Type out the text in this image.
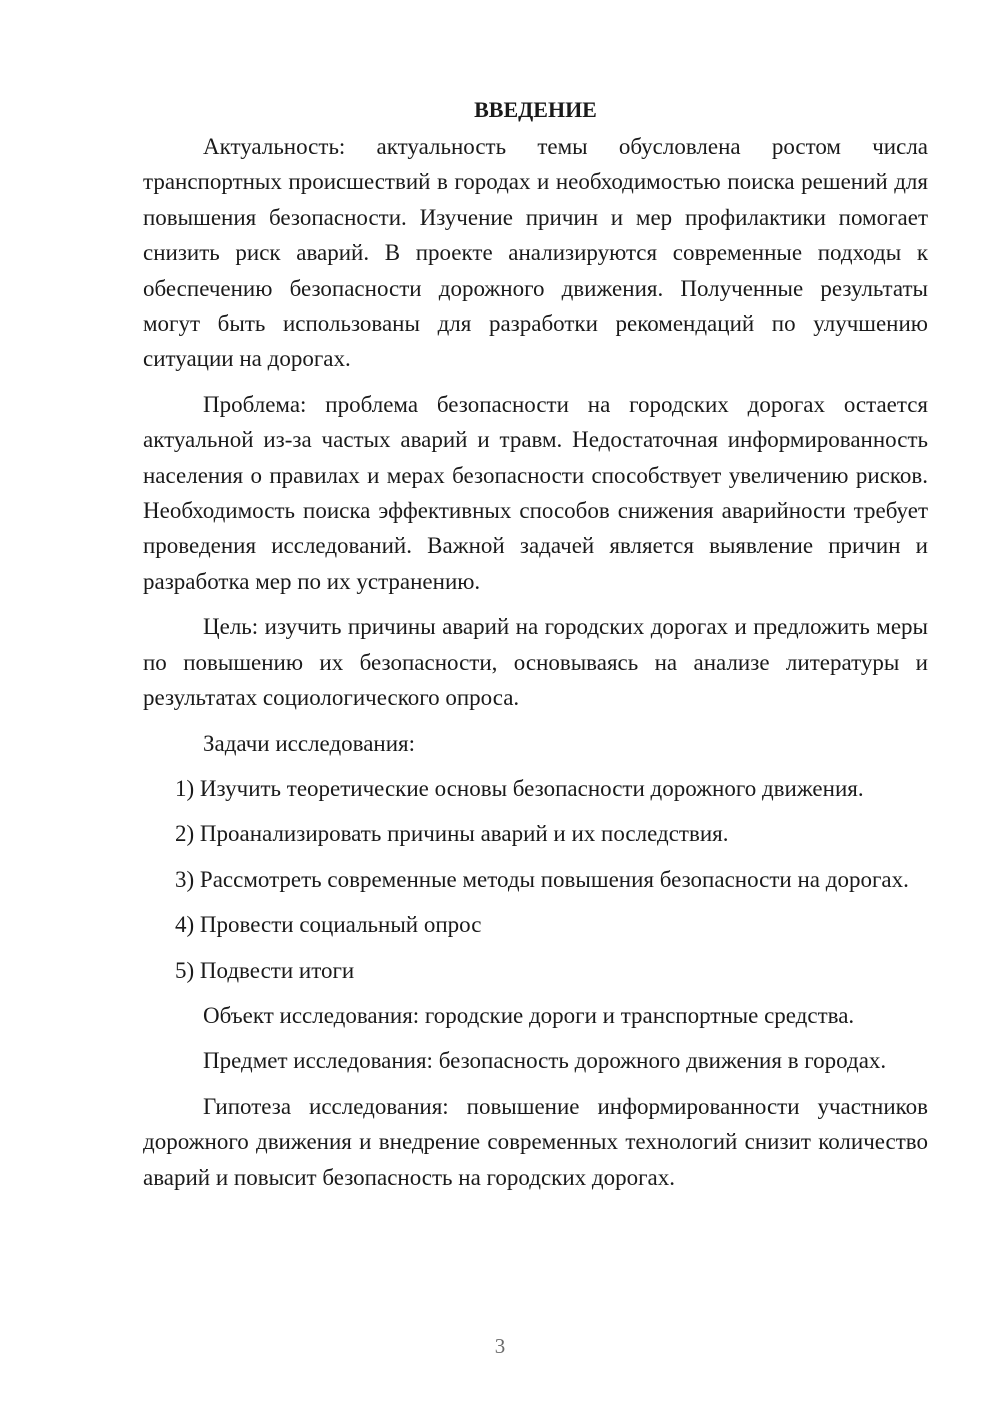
ВВЕДЕНИЕ

Актуальность: актуальность темы обусловлена ростом числа транспортных происшествий в городах и необходимостью поиска решений для повышения безопасности. Изучение причин и мер профилактики помогает снизить риск аварий. В проекте анализируются современные подходы к обеспечению безопасности дорожного движения. Полученные результаты могут быть использованы для разработки рекомендаций по улучшению ситуации на дорогах.

Проблема: проблема безопасности на городских дорогах остается актуальной из-за частых аварий и травм. Недостаточная информированность населения о правилах и мерах безопасности способствует увеличению рисков. Необходимость поиска эффективных способов снижения аварийности требует проведения исследований. Важной задачей является выявление причин и разработка мер по их устранению.

Цель: изучить причины аварий на городских дорогах и предложить меры по повышению их безопасности, основываясь на анализе литературы и результатах социологического опроса.

Задачи исследования:

1) Изучить теоретические основы безопасности дорожного движения.

2) Проанализировать причины аварий и их последствия.

3) Рассмотреть современные методы повышения безопасности на дорогах.

4) Провести социальный опрос

5) Подвести итоги

Объект исследования: городские дороги и транспортные средства.

Предмет исследования: безопасность дорожного движения в городах.

Гипотеза исследования: повышение информированности участников дорожного движения и внедрение современных технологий снизит количество аварий и повысит безопасность на городских дорогах.

3
